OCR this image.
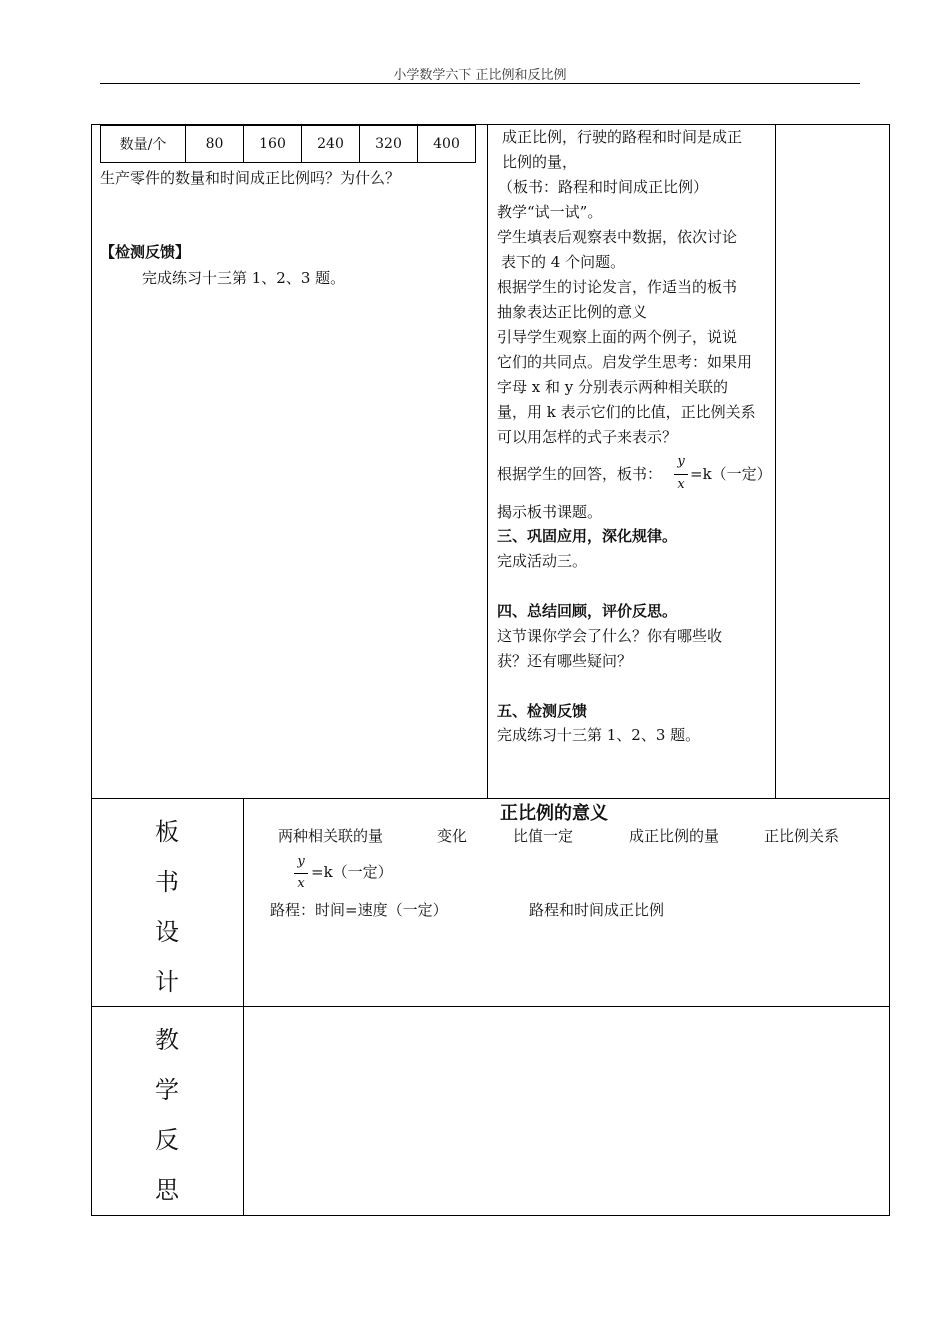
小学数学六下 正比例和反比例
数量/个	80	160	240	320	400
生产零件的数量和时间成正比例吗？为什么？
【检测反馈】
完成练习十三第 1、2、3 题。
成正比例，行驶的路程和时间是成正
比例的量，
（板书：路程和时间成正比例）
教学“试一试”。
学生填表后观察表中数据，依次讨论
表下的 4 个问题。
根据学生的讨论发言，作适当的板书
抽象表达正比例的意义
引导学生观察上面的两个例子，说说
它们的共同点。启发学生思考：如果用
字母 x 和 y 分别表示两种相关联的
量，用 k 表示它们的比值，正比例关系
可以用怎样的式子来表示？
根据学生的回答，板书：
y
x
=k（一定）
揭示板书课题。
三、巩固应用，深化规律。
完成活动三。
四、总结回顾，评价反思。
这节课你学会了什么？你有哪些收
获？还有哪些疑问？
五、检测反馈
完成练习十三第 1、2、3 题。
板
书
设
计
正比例的意义
两种相关联的量	变化	比值一定	成正比例的量	正比例关系
y
x
=k（一定）
路程：时间=速度（一定）	路程和时间成正比例
教
学
反
思
